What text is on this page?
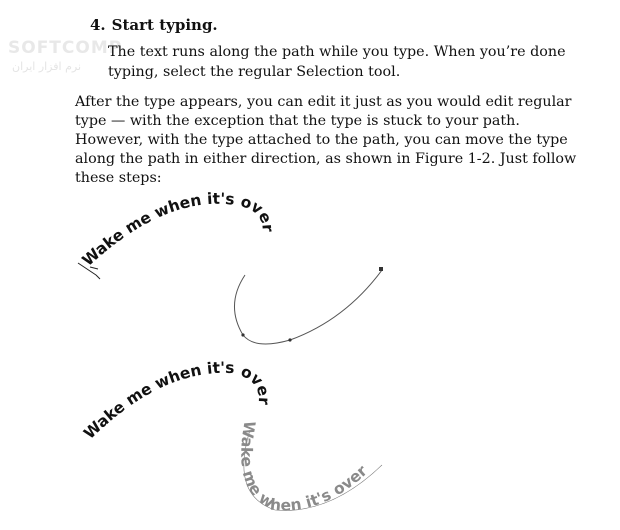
SOFTCOMP
نرم افزار ایران
4. Start typing.
The text runs along the path while you type. When you’re done typing, select the regular Selection tool.
After the type appears, you can edit it just as you would edit regular type — with the exception that the type is stuck to your path. However, with the type attached to the path, you can move the type along the path in either direction, as shown in Figure 1-2. Just follow these steps:
Wake me when it's over
Wake me when it's over
Wake me when it's over
